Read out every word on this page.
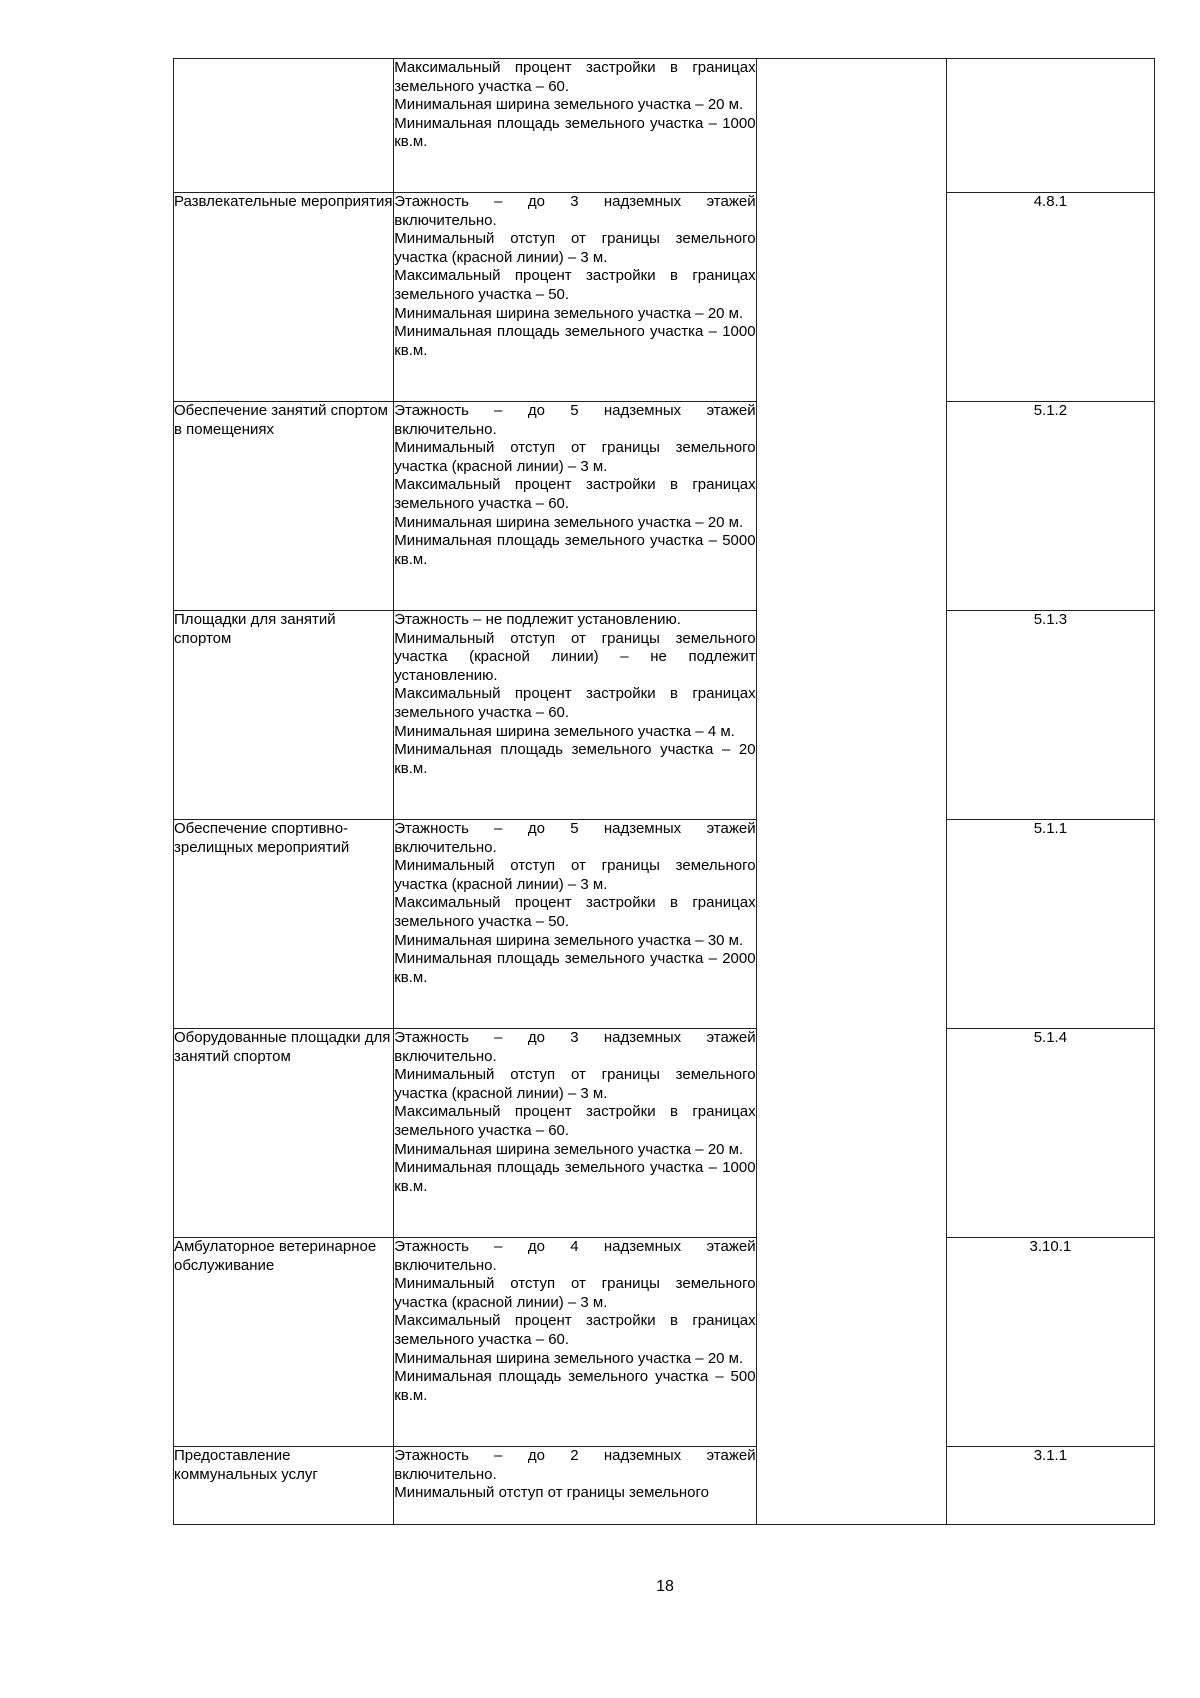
	Максимальный процент застройки в границах земельного участка – 60.

Минимальная ширина земельного участка – 20 м.

Минимальная площадь земельного участка – 1000 кв.м.		

Развлекательные мероприятия	Этажность – до 3 надземных этажей включительно.

Минимальный отступ от границы земельного участка (красной линии) – 3 м.

Максимальный процент застройки в границах земельного участка – 50.

Минимальная ширина земельного участка – 20 м.

Минимальная площадь земельного участка – 1000 кв.м.		4.8.1
Обеспечение занятий спортом в помещениях	Этажность – до 5 надземных этажей включительно.

Минимальный отступ от границы земельного участка (красной линии) – 3 м.

Максимальный процент застройки в границах земельного участка – 60.

Минимальная ширина земельного участка – 20 м.

Минимальная площадь земельного участка – 5000 кв.м.		5.1.2
Площадки для занятий спортом	Этажность – не подлежит установлению.

Минимальный отступ от границы земельного участка (красной линии) – не подлежит установлению.

Максимальный процент застройки в границах земельного участка – 60.

Минимальная ширина земельного участка – 4 м.

Минимальная площадь земельного участка – 20 кв.м.		5.1.3
Обеспечение спортивно-зрелищных мероприятий	Этажность – до 5 надземных этажей включительно.

Минимальный отступ от границы земельного участка (красной линии) – 3 м.

Максимальный процент застройки в границах земельного участка – 50.

Минимальная ширина земельного участка – 30 м.

Минимальная площадь земельного участка – 2000 кв.м.		5.1.1
Оборудованные площадки для занятий спортом	Этажность – до 3 надземных этажей включительно.

Минимальный отступ от границы земельного участка (красной линии) – 3 м.

Максимальный процент застройки в границах земельного участка – 60.

Минимальная ширина земельного участка – 20 м.

Минимальная площадь земельного участка – 1000 кв.м.		5.1.4
Амбулаторное ветеринарное обслуживание	Этажность – до 4 надземных этажей включительно.

Минимальный отступ от границы земельного участка (красной линии) – 3 м.

Максимальный процент застройки в границах земельного участка – 60.

Минимальная ширина земельного участка – 20 м.

Минимальная площадь земельного участка – 500 кв.м.		3.10.1
Предоставление коммунальных услуг	Этажность – до 2 надземных этажей включительно.

Минимальный отступ от границы земельного		3.1.1
18
